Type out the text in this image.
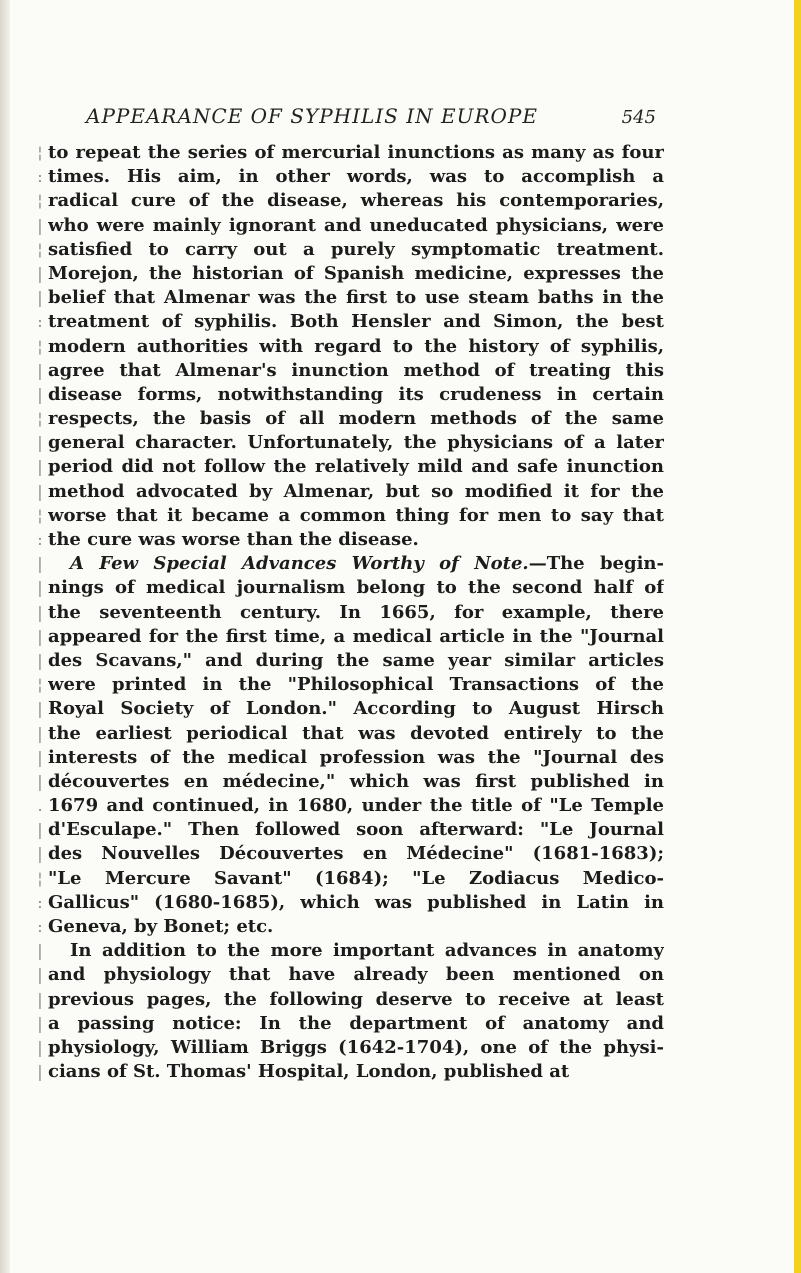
APPEARANCE OF SYPHILIS IN EUROPE	545
¦ to repeat the series of mercurial inunctions as many as four
: times. His aim, in other words, was to accomplish a
¦ radical cure of the disease, whereas his contemporaries,
| who were mainly ignorant and uneducated physicians, were
¦ satisfied to carry out a purely symptomatic treatment.
| Morejon, the historian of Spanish medicine, expresses the
| belief that Almenar was the first to use steam baths in the
: treatment of syphilis. Both Hensler and Simon, the best
¦ modern authorities with regard to the history of syphilis,
| agree that Almenar's inunction method of treating this
| disease forms, notwithstanding its crudeness in certain
¦ respects, the basis of all modern methods of the same
| general character. Unfortunately, the physicians of a later
| period did not follow the relatively mild and safe inunction
| method advocated by Almenar, but so modified it for the
¦ worse that it became a common thing for men to say that
: the cure was worse than the disease.
|	A Few Special Advances Worthy of Note.—The begin-
| nings of medical journalism belong to the second half of
| the seventeenth century. In 1665, for example, there
| appeared for the first time, a medical article in the "Journal
| des Scavans," and during the same year similar articles
¦ were printed in the "Philosophical Transactions of the
| Royal Society of London." According to August Hirsch
| the earliest periodical that was devoted entirely to the
| interests of the medical profession was the "Journal des
| découvertes en médecine," which was first published in
. 1679 and continued, in 1680, under the title of "Le Temple
| d'Esculape." Then followed soon afterward: "Le Journal
| des Nouvelles Découvertes en Médecine" (1681-1683);
¦ "Le Mercure Savant" (1684); "Le Zodiacus Medico-
: Gallicus" (1680-1685), which was published in Latin in
: Geneva, by Bonet; etc.
|	In addition to the more important advances in anatomy
| and physiology that have already been mentioned on
| previous pages, the following deserve to receive at least
| a passing notice: In the department of anatomy and
| physiology, William Briggs (1642-1704), one of the physi-
| cians of St. Thomas' Hospital, London, published at
